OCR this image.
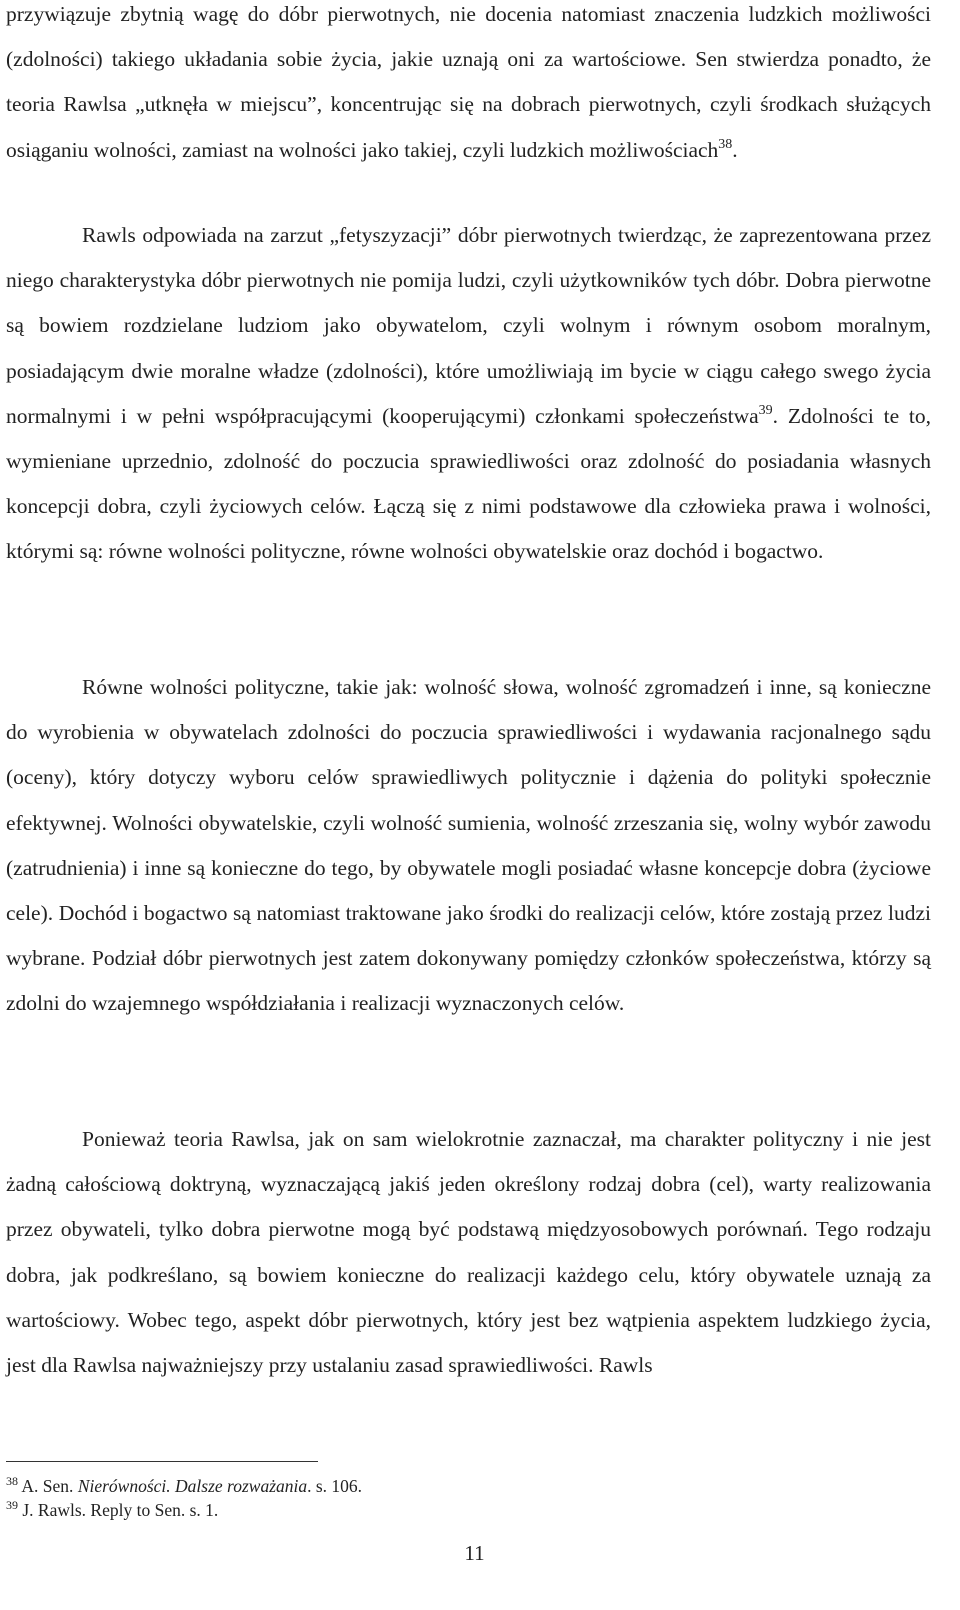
przywiązuje zbytnią wagę do dóbr pierwotnych, nie docenia natomiast znaczenia ludzkich możliwości (zdolności) takiego układania sobie życia, jakie uznają oni za wartościowe. Sen stwierdza ponadto, że teoria Rawlsa „utknęła w miejscu”, koncentrując się na dobrach pierwotnych, czyli środkach służących osiąganiu wolności, zamiast na wolności jako takiej, czyli ludzkich możliwościach$^{38}$.

Rawls odpowiada na zarzut „fetyszyzacji” dóbr pierwotnych twierdząc, że zaprezentowana przez niego charakterystyka dóbr pierwotnych nie pomija ludzi, czyli użytkowników tych dóbr. Dobra pierwotne są bowiem rozdzielane ludziom jako obywatelom, czyli wolnym i równym osobom moralnym, posiadającym dwie moralne władze (zdolności), które umożliwiają im bycie w ciągu całego swego życia normalnymi i w pełni współpracującymi (kooperującymi) członkami społeczeństwa$^{39}$. Zdolności te to, wymieniane uprzednio, zdolność do poczucia sprawiedliwości oraz zdolność do posiadania własnych koncepcji dobra, czyli życiowych celów. Łączą się z nimi podstawowe dla człowieka prawa i wolności, którymi są: równe wolności polityczne, równe wolności obywatelskie oraz dochód i bogactwo.

Równe wolności polityczne, takie jak: wolność słowa, wolność zgromadzeń i inne, są konieczne do wyrobienia w obywatelach zdolności do poczucia sprawiedliwości i wydawania racjonalnego sądu (oceny), który dotyczy wyboru celów sprawiedliwych politycznie i dążenia do polityki społecznie efektywnej. Wolności obywatelskie, czyli wolność sumienia, wolność zrzeszania się, wolny wybór zawodu (zatrudnienia) i inne są konieczne do tego, by obywatele mogli posiadać własne koncepcje dobra (życiowe cele). Dochód i bogactwo są natomiast traktowane jako środki do realizacji celów, które zostają przez ludzi wybrane. Podział dóbr pierwotnych jest zatem dokonywany pomiędzy członków społeczeństwa, którzy są zdolni do wzajemnego współdziałania i realizacji wyznaczonych celów.

Ponieważ teoria Rawlsa, jak on sam wielokrotnie zaznaczał, ma charakter polityczny i nie jest żadną całościową doktryną, wyznaczającą jakiś jeden określony rodzaj dobra (cel), warty realizowania przez obywateli, tylko dobra pierwotne mogą być podstawą międzyosobowych porównań. Tego rodzaju dobra, jak podkreślano, są bowiem konieczne do realizacji każdego celu, który obywatele uznają za wartościowy. Wobec tego, aspekt dóbr pierwotnych, który jest bez wątpienia aspektem ludzkiego życia, jest dla Rawlsa najważniejszy przy ustalaniu zasad sprawiedliwości. Rawls

$^{38}$ A. Sen. Nierówności. Dalsze rozważania. s. 106.
$^{39}$ J. Rawls. Reply to Sen. s. 1.
11
